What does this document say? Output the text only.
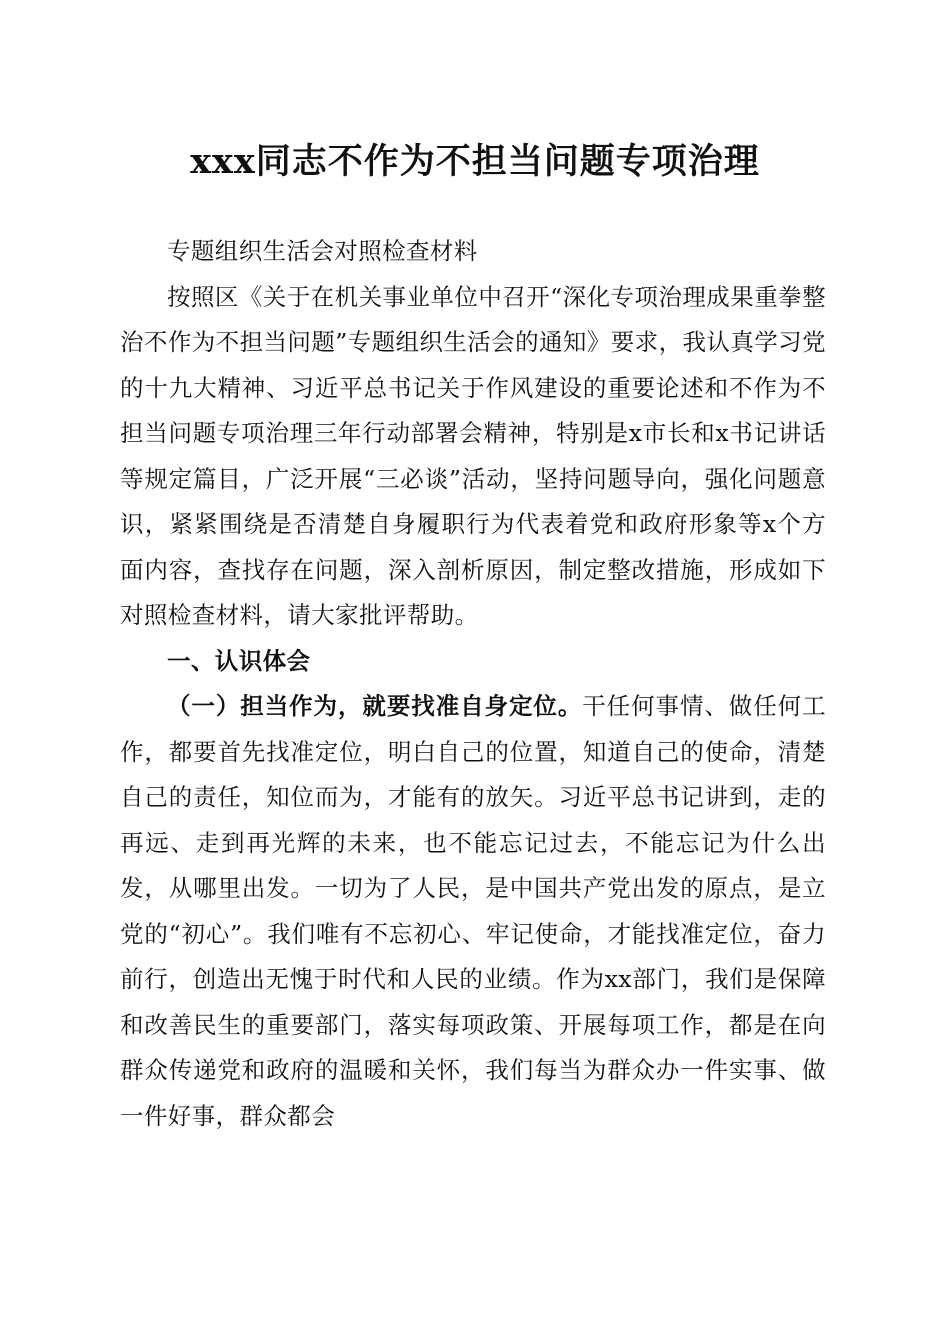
xxx同志不作为不担当问题专项治理

专题组织生活会对照检查材料

按照区《关于在机关事业单位中召开“深化专项治理成果重拳整治不作为不担当问题”专题组织生活会的通知》要求，我认真学习党的十九大精神、习近平总书记关于作风建设的重要论述和不作为不担当问题专项治理三年行动部署会精神，特别是x市长和x书记讲话等规定篇目，广泛开展“三必谈”活动，坚持问题导向，强化问题意识，紧紧围绕是否清楚自身履职行为代表着党和政府形象等x个方面内容，查找存在问题，深入剖析原因，制定整改措施，形成如下对照检查材料，请大家批评帮助。

一、认识体会

（一）担当作为，就要找准自身定位。干任何事情、做任何工作，都要首先找准定位，明白自己的位置，知道自己的使命，清楚自己的责任，知位而为，才能有的放矢。习近平总书记讲到，走的再远、走到再光辉的未来，也不能忘记过去，不能忘记为什么出发，从哪里出发。一切为了人民，是中国共产党出发的原点，是立党的“初心”。我们唯有不忘初心、牢记使命，才能找准定位，奋力前行，创造出无愧于时代和人民的业绩。作为xx部门，我们是保障和改善民生的重要部门，落实每项政策、开展每项工作，都是在向群众传递党和政府的温暖和关怀，我们每当为群众办一件实事、做一件好事，群众都会
